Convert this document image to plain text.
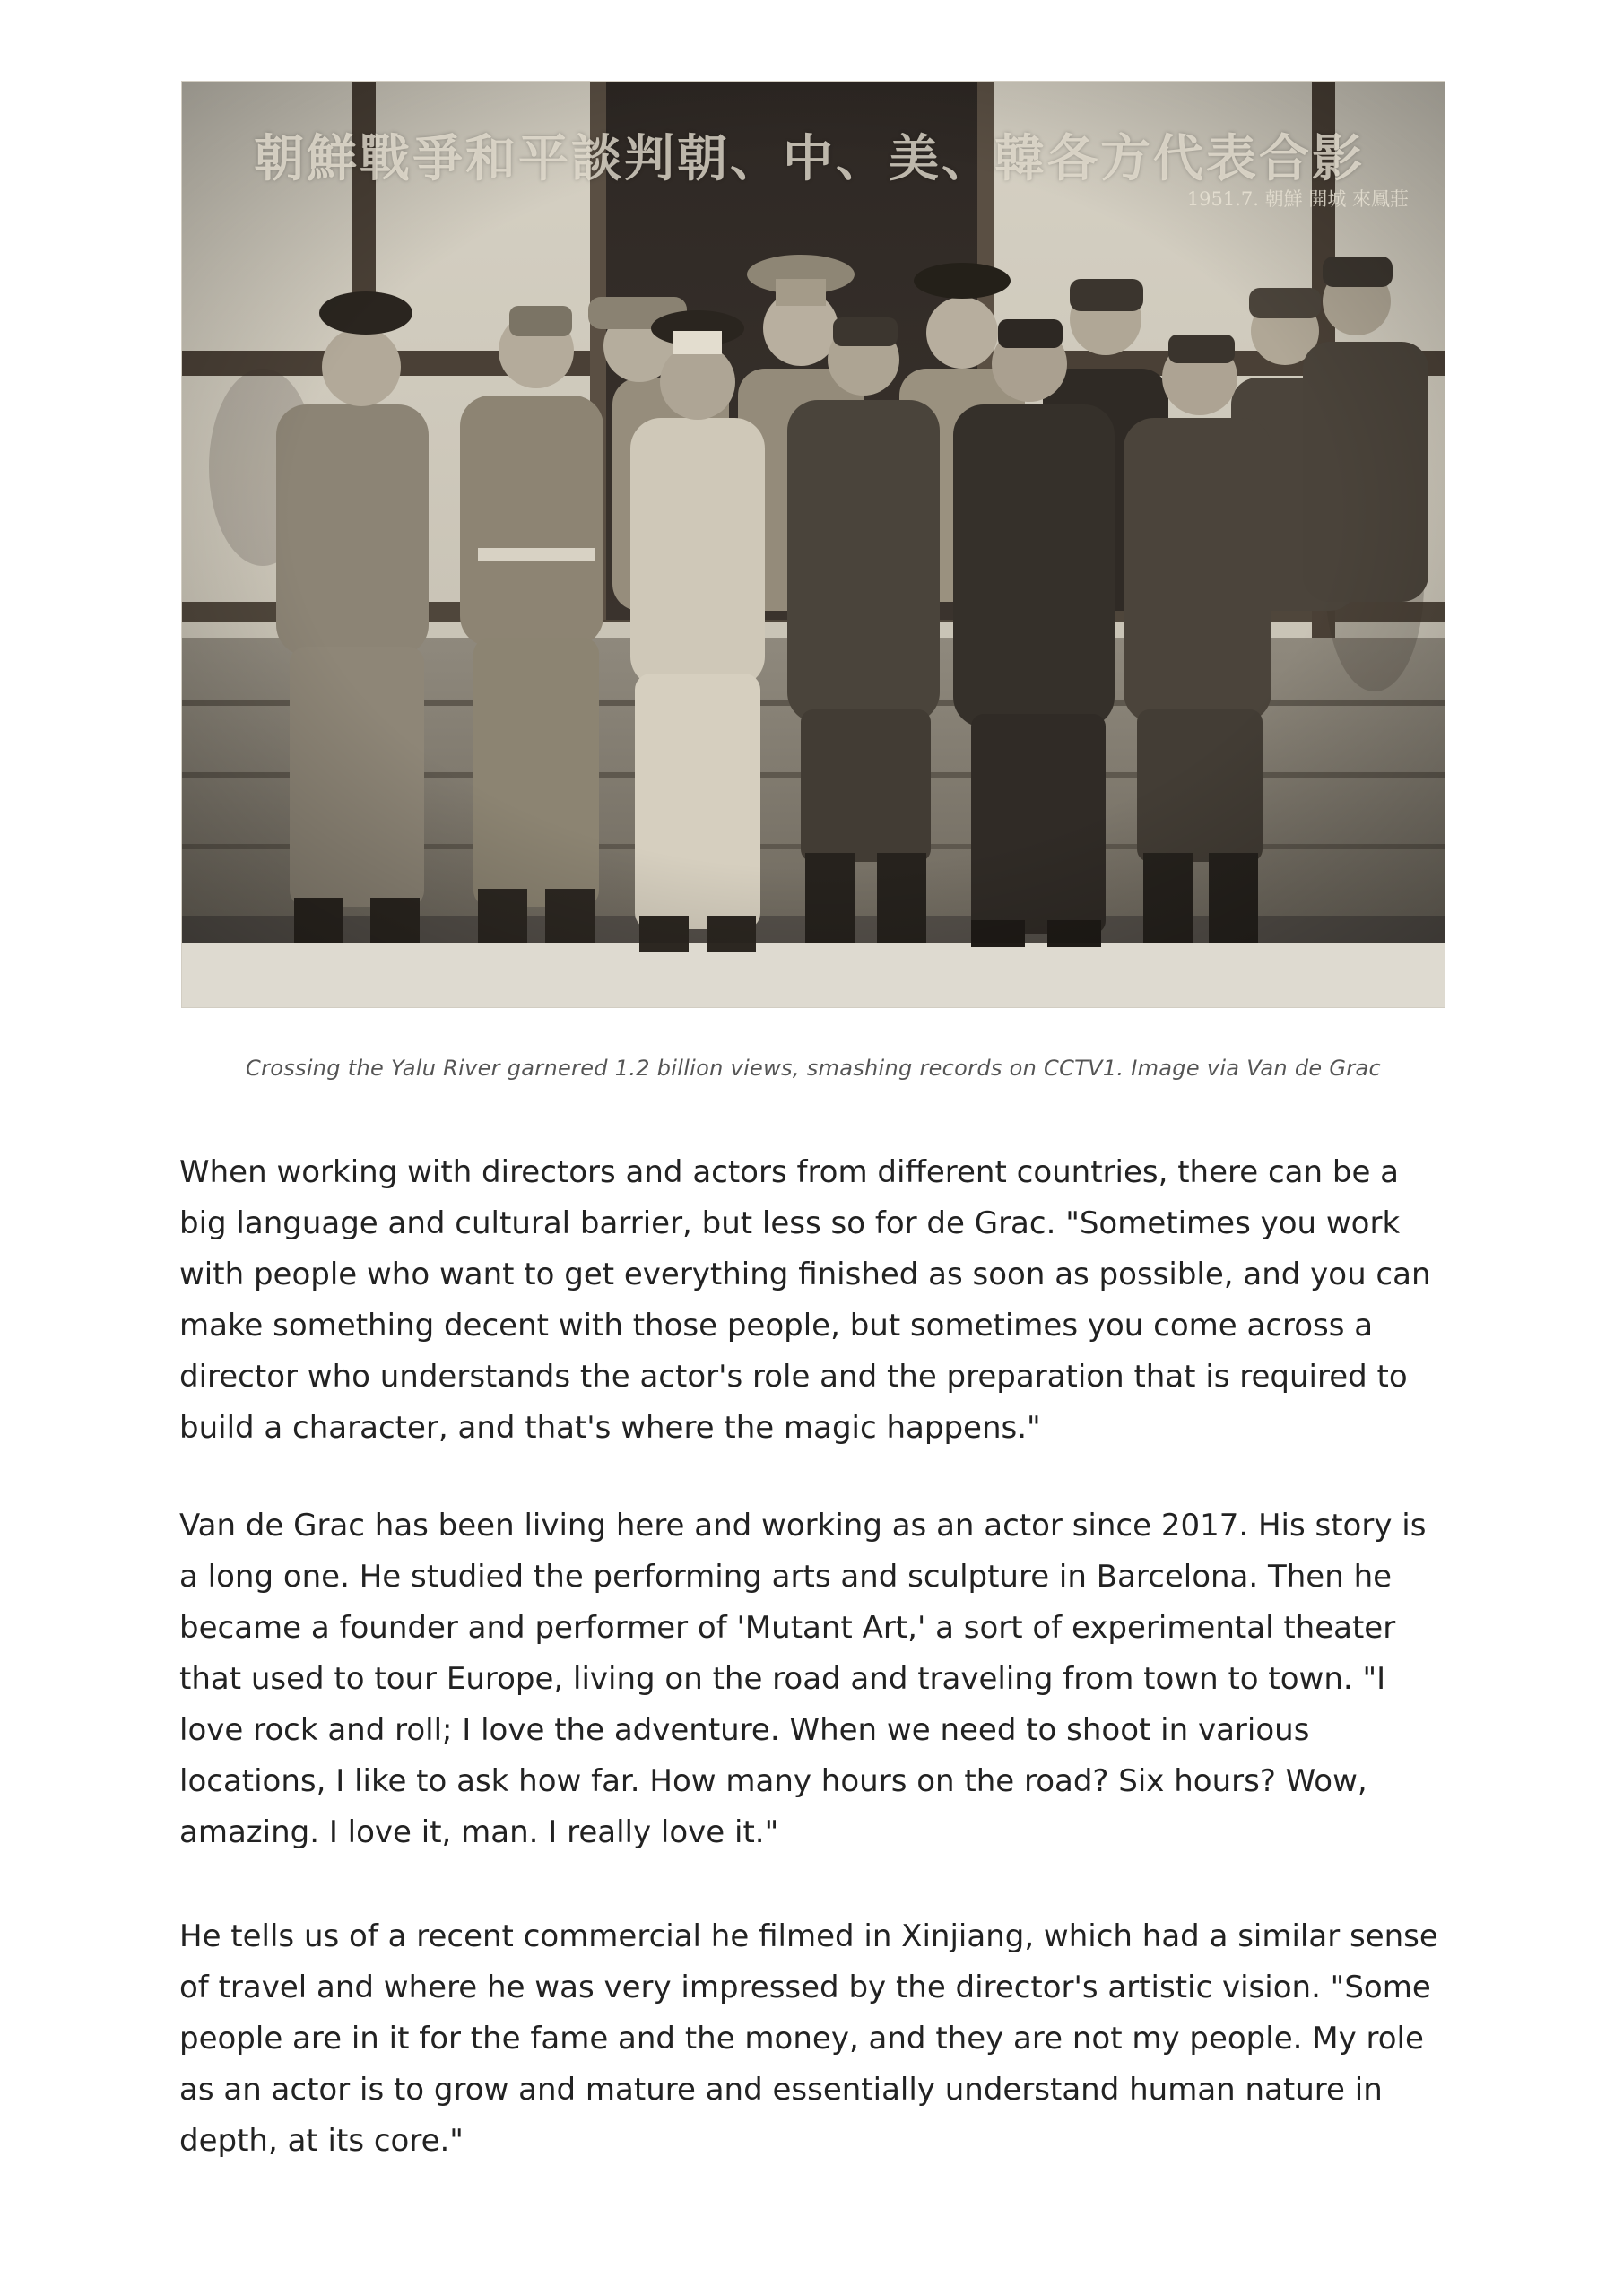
朝鮮戰爭和平談判朝、中、美、韓各方代表合影
1951.7. 朝鮮 開城 來鳳莊
Crossing the Yalu River garnered 1.2 billion views, smashing records on CCTV1. Image via Van de Grac

When working with directors and actors from different countries, there can be a big language and cultural barrier, but less so for de Grac. "Sometimes you work with people who want to get everything finished as soon as possible, and you can make something decent with those people, but sometimes you come across a director who understands the actor's role and the preparation that is required to build a character, and that's where the magic happens."

Van de Grac has been living here and working as an actor since 2017. His story is a long one. He studied the performing arts and sculpture in Barcelona. Then he became a founder and performer of 'Mutant Art,' a sort of experimental theater that used to tour Europe, living on the road and traveling from town to town. "I love rock and roll; I love the adventure. When we need to shoot in various locations, I like to ask how far. How many hours on the road? Six hours? Wow, amazing. I love it, man. I really love it."

He tells us of a recent commercial he filmed in Xinjiang, which had a similar sense of travel and where he was very impressed by the director's artistic vision. "Some people are in it for the fame and the money, and they are not my people. My role as an actor is to grow and mature and essentially understand human nature in depth, at its core."
